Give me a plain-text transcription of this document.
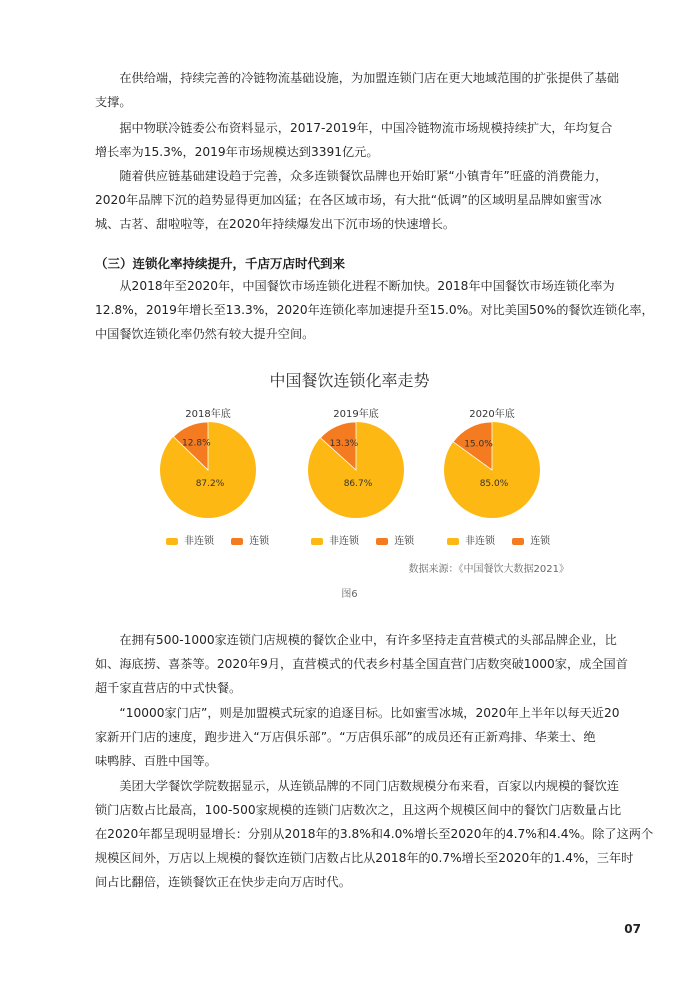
　　在供给端，持续完善的冷链物流基础设施，为加盟连锁门店在更大地域范围的扩张提供了基础
支撑。
　　据中物联冷链委公布资料显示，2017-2019年，中国冷链物流市场规模持续扩大，年均复合
增长率为15.3%，2019年市场规模达到3391亿元。
　　随着供应链基础建设趋于完善，众多连锁餐饮品牌也开始盯紧“小镇青年”旺盛的消费能力，
2020年品牌下沉的趋势显得更加凶猛；在各区域市场，有大批“低调”的区域明星品牌如蜜雪冰
城、古茗、甜啦啦等，在2020年持续爆发出下沉市场的快速增长。
（三）连锁化率持续提升，千店万店时代到来
　　从2018年至2020年，中国餐饮市场连锁化进程不断加快。2018年中国餐饮市场连锁化率为
12.8%，2019年增长至13.3%，2020年连锁化率加速提升至15.0%。对比美国50%的餐饮连锁化率，
中国餐饮连锁化率仍然有较大提升空间。
中国餐饮连锁化率走势
2018年底	2019年底	2020年底
12.8%
87.2%
13.3%
86.7%
15.0%
85.0%
非连锁	连锁	非连锁	连锁	非连锁	连锁
数据来源：《中国餐饮大数据2021》
图6
　　在拥有500-1000家连锁门店规模的餐饮企业中，有许多坚持走直营模式的头部品牌企业，比
如、海底捞、喜茶等。2020年9月，直营模式的代表乡村基全国直营门店数突破1000家，成全国首
超千家直营店的中式快餐。
　　“10000家门店”，则是加盟模式玩家的追逐目标。比如蜜雪冰城，2020年上半年以每天近20
家新开门店的速度，跑步进入“万店俱乐部”。“万店俱乐部”的成员还有正新鸡排、华莱士、绝
味鸭脖、百胜中国等。
　　美团大学餐饮学院数据显示，从连锁品牌的不同门店数规模分布来看，百家以内规模的餐饮连
锁门店数占比最高，100-500家规模的连锁门店数次之，且这两个规模区间中的餐饮门店数量占比
在2020年都呈现明显增长：分别从2018年的3.8%和4.0%增长至2020年的4.7%和4.4%。除了这两个
规模区间外，万店以上规模的餐饮连锁门店数占比从2018年的0.7%增长至2020年的1.4%，三年时
间占比翻倍，连锁餐饮正在快步走向万店时代。
07
